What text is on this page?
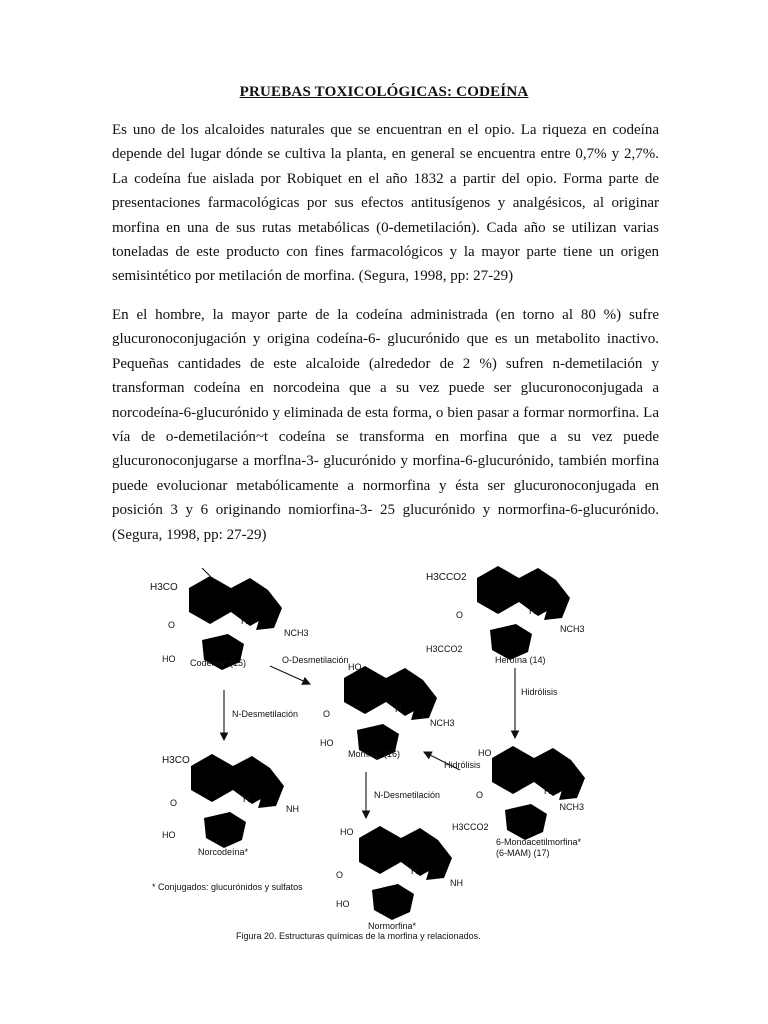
PRUEBAS TOXICOLÓGICAS: CODEÍNA

Es uno de los alcaloides naturales que se encuentran en el opio. La riqueza en codeína depende del lugar dónde se cultiva la planta, en general se encuentra entre 0,7% y 2,7%. La codeína fue aislada por Robiquet en el año 1832 a partir del opio. Forma parte de presentaciones farmacológicas por sus efectos antitusígenos y analgésicos, al originar morfina en una de sus rutas metabólicas (0-demetilación). Cada año se utilizan varias toneladas de este producto con fines farmacológicos y la mayor parte tiene un origen semisintético por metilación de morfina. (Segura, 1998, pp: 27-29)

En el hombre, la mayor parte de la codeína administrada (en torno al 80 %) sufre glucuronoconjugación y origina codeína-6- glucurónido que es un metabolito inactivo. Pequeñas cantidades de este alcaloide (alrededor de 2 %) sufren n-demetilación y transforman codeína en norcodeina que a su vez puede ser glucuronoconjugada a norcodeína-6-glucurónido y eliminada de esta forma, o bien pasar a formar normorfina. La vía de o-demetilación~t codeína se transforma en morfina que a su vez puede glucuronoconjugarse a morflna-3- glucurónido y morfina-6-glucurónido, también morfina puede evolucionar metabólicamente a normorfina y ésta ser glucuronoconjugada en posición 3 y 6 originando nomiorfina-3- 25 glucurónido y normorfina-6-glucurónido. (Segura, 1998, pp: 27-29)

H3CO
O
HO
H
NCH3
Codeína* (15)
H3CCO2
O
H3CCO2
H
NCH3
Heroína (14)
HO
O
HO
H
NCH3
Morfina* (16)
H3CO
O
HO
H
NH
Norcodeína*
HO
O
H3CCO2
H
NCH3
6-Monoacetilmorfina*
(6-MAM) (17)
HO
O
HO
H
NH
Normorfina*
O-Desmetilación
N-Desmetilación
Hidrólisis
Hidrólisis
N-Desmetilación
* Conjugados: glucurónidos y sulfatos
Figura 20. Estructuras químicas de la morfina y relacionados.
